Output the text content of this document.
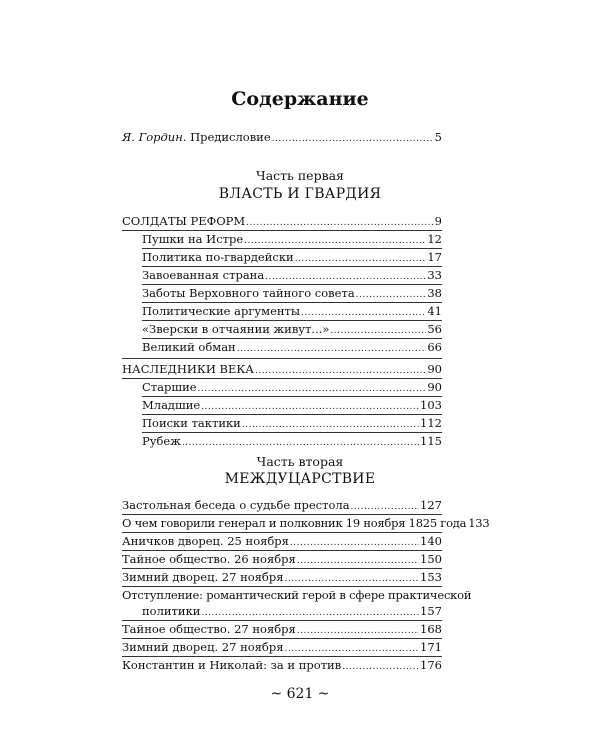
Содержание
Я. Гордин. Предисловие .....	5
Часть первая
ВЛАСТЬ И ГВАРДИЯ
СОЛДАТЫ РЕФОРМ .....	9
Пушки на Истре .....	12
Политика по-гвардейски .....	17
Завоеванная страна .....	33
Заботы Верховного тайного совета .....	38
Политические аргументы .....	41
«Зверски в отчаянии живут...» .....	56
Великий обман .....	66
НАСЛЕДНИКИ ВЕКА .....	90
Старшие .....	90
Младшие .....	103
Поиски тактики .....	112
Рубеж .....	115
Часть вторая
МЕЖДУЦАРСТВИЕ
Застольная беседа о судьбе престола .....	127
О чем говорили генерал и полковник 19 ноября 1825 года 133
Аничков дворец. 25 ноября .....	140
Тайное общество. 26 ноября .....	150
Зимний дворец. 27 ноября .....	153
Отступление: романтический герой в сфере практической
политики .....	157
Тайное общество. 27 ноября .....	168
Зимний дворец. 27 ноября .....	171
Константин и Николай: за и против .....	176
~ 621 ~
